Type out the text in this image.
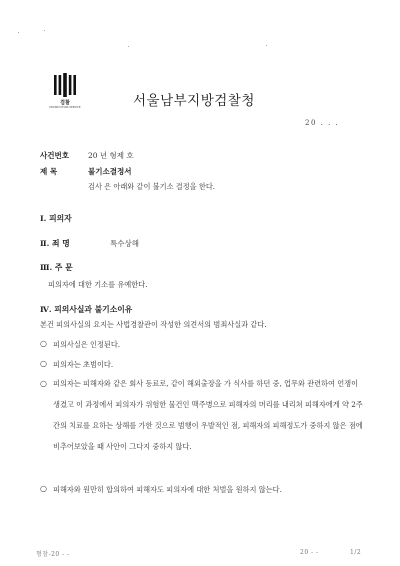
검찰
PROSECUTION SERVICE	서울남부지방검찰청
20 . . .
사건번호	20 년 형제 호
제 목	불기소결정서
검사 은 아래와 같이 불기소 결정을 한다.
Ⅰ. 피의자
Ⅱ. 죄 명	특수상해
Ⅲ. 주 문
피의자에 대한 기소를 유예한다.
Ⅳ. 피의사실과 불기소이유
본건 피의사실의 요지는 사법경찰관이 작성한 의견서의 범죄사실과 같다.
○ 피의사실은 인정된다.
○ 피의자는 초범이다.
○ 피의자는 피해자와 같은 회사 동료로, 같이 해외출장을 가 식사를 하던 중, 업무와 관련하여 언쟁이 생겼고 이 과정에서 피의자가 위험한 물건인 맥주병으로 피해자의 머리를 내리쳐 피해자에게 약 2주간의 치료를 요하는 상해를 가한 것으로 범행이 우발적인 점, 피해자의 피해정도가 중하지 않은 점에 비추어보았을 때 사안이 그다지 중하지 않다.
○ 피해자와 원만히 합의하여 피해자도 피의자에 대한 처벌을 원하지 않는다.
형참-20 - -	20 - -	1/2
